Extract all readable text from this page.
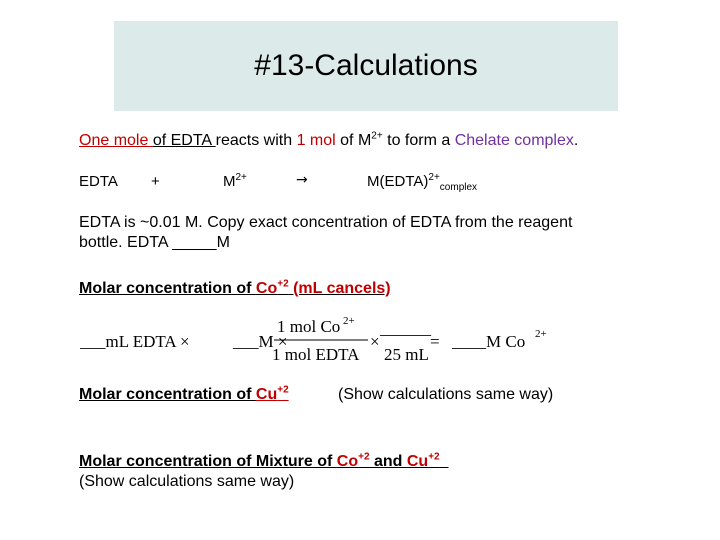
#13-Calculations
One mole of EDTA reacts with 1 mol of $M^{2+}$ to form a Chelate complex.
EDTA +	$M^{2+}$	→	M(EDTA)$^{2+}_{complex}$
EDTA is ~0.01 M. Copy exact concentration of EDTA from the reagent
bottle. EDTA _____M
Molar concentration of $Co^{+2}$ (mL cancels)
___mL EDTA ×	___M ×
1 mol Co 2+
1 mol EDTA
×
______
25 mL
= ____M Co 2+
Molar concentration of $Cu^{+2}$	(Show calculations same way)
Molar concentration of Mixture of $Co^{+2}$ and $Cu^{+2}$
(Show calculations same way)
